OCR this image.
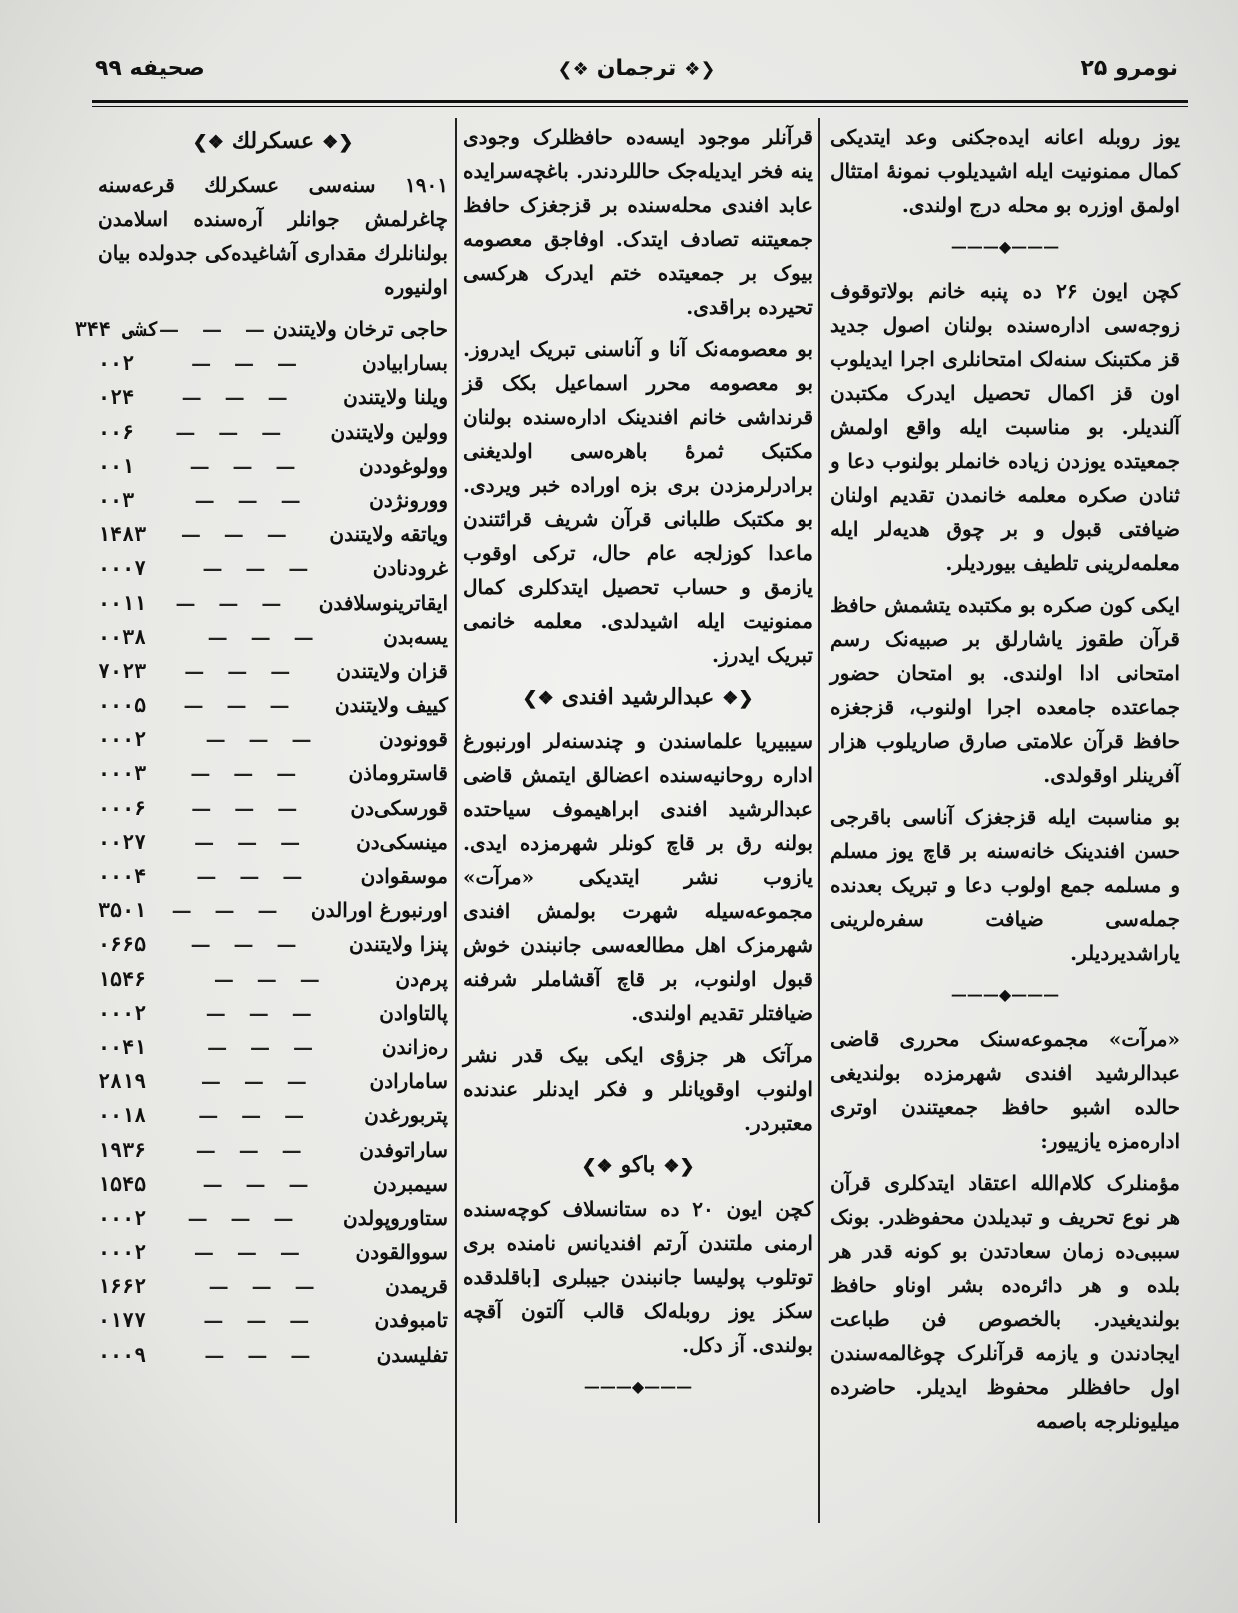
نومرو ۲۵
❮❖ترجمان❖❯
صحیفه ۹۹

یوز روبله اعانه ایده‌جکنی وعد ایتدیکی کمال ممنونیت ایله اشیدیلوب نمونهٔ امتثال اولمق اوزره بو محله درج اولندی.

———◆———

کچن ایون ۲۶ ده پنبه خانم بولاتوقوف زوجه‌سی اداره‌سنده بولنان اصول جدید قز مکتبنک سنه‌لک امتحانلری اجرا ایدیلوب اون قز اکمال تحصیل ایدرک مکتبدن آلندیلر. بو مناسبت ایله واقع اولمش جمعیتده یوزدن زیاده خانملر بولنوب دعا و ثنادن صکره معلمه خانمدن تقدیم اولنان ضیافتی قبول و بر چوق هدیه‌لر ایله معلمه‌لرینی تلطیف بیوردیلر.

ایکی کون صکره بو مکتبده یتشمش حافظ قرآن طقوز یاشارلق بر صبیه‌نک رسم امتحانی ادا اولندی. بو امتحان حضور جماعتده جامعده اجرا اولنوب، قزجغزه حافظ قرآن علامتی صارق صاریلوب هزار آفرینلر اوقولدی.

بو مناسبت ایله قزجغزک آناسی باقرجی حسن افندینک خانه‌سنه بر قاچ یوز مسلم و مسلمه جمع اولوب دعا و تبریک بعدنده جمله‌سی ضیافت سفره‌لرینی یاراشدیردیلر.

———◆———

«مرآت» مجموعه‌سنک محرری قاضی عبدالرشید افندی شهرمزده بولندیغی حالده اشبو حافظ جمعیتندن اوتری اداره‌مزه یازییور:

مؤمنلرک کلام‌الله اعتقاد ایتدکلری قرآن هر نوع تحریف و تبدیلدن محفوظدر. بونک سببی‌ده زمان سعادتدن بو کونه قدر هر بلده و هر دائره‌ده بشر اوناو حافظ بولندیغیدر. بالخصوص فن طباعت ایجادندن و یازمه قرآنلرک چوغالمه‌سندن اول حافظلر محفوظ ایدیلر. حاضرده میلیونلرجه باصمه

قرآنلر موجود ایسه‌ده حافظلرک وجودی ینه فخر ایدیله‌جک حاللردندر. باغچه‌سرایده عابد افندی محله‌سنده بر قزجغزک حافظ جمعیتنه تصادف ایتدک. اوفاجق معصومه بیوک بر جمعیتده ختم ایدرک هرکسی تحیرده براقدی.

بو معصومه‌نک آنا و آناسنی تبریک ایدروز. بو معصومه محرر اسماعیل بکک قز قرنداشی خانم افندینک اداره‌سنده بولنان مکتبک ثمرهٔ باهره‌سی اولدیغنی برادرلرمزدن بری بزه اوراده خبر ویردی. بو مکتبک طلبانی قرآن شریف قرائتندن ماعدا کوزلجه عام حال، ترکی اوقوب یازمق و حساب تحصیل ایتدکلری کمال ممنونیت ایله اشیدلدی. معلمه خانمی تبریک ایدرز.

❮❖عبدالرشید افندی❖❯

سیبیریا علماسندن و چندسنه‌لر اورنبورغ اداره روحانیه‌سنده اعضالق ایتمش قاضی عبدالرشید افندی ابراهیموف سیاحتده بولنه رق بر قاچ کونلر شهرمزده ایدی. یازوب نشر ایتدیکی «مرآت» مجموعه‌سیله شهرت بولمش افندی شهرمزک اهل مطالعه‌سی جانبندن خوش قبول اولنوب، بر قاچ آقشاملر شرفنه ضیافتلر تقدیم اولندی.

مرآتک هر جزؤی ایکی بیک قدر نشر اولنوب اوقویانلر و فکر ایدنلر عندنده معتبردر.

❮❖باکو❖❯

کچن ایون ۲۰ ده ستانسلاف کوچه‌سنده ارمنی ملتندن آرتم افندیانس نامنده بری توتلوب پولیسا جانبندن جیبلری [باقلدقده سکز یوز روبله‌لک قالب آلتون آقچه بولندی. آز دکل.

———◆———
❮❖عسکرلك❖❯

۱۹۰۱ سنه‌سی عسکرلك قرعه‌سنه چاغرلمش جوانلر آره‌سنده اسلامدن بولنانلرك مقداری آشاغیده‌کی جدولده بیان اولنیوره

حاجی ترخان ولایتندن
— — —
۳۴۴ کشی
بسارابیادن
— — —
۰۰۲
ویلنا ولایتندن
— — —
۰۲۴
وولین ولایتندن
— — —
۰۰۶
وولوغوددن
— — —
۰۰۱
وورونژدن
— — —
۰۰۳
ویاتقه ولایتندن
— — —
۱۴۸۳
غرودنادن
— — —
۰۰۰۷
ایقاترینوسلافدن
— — —
۰۰۱۱
یسه‌بدن
— — —
۰۰۳۸
قزان ولایتندن
— — —
۷۰۲۳
کییف ولایتندن
— — —
۰۰۰۵
قوونودن
— — —
۰۰۰۲
قاستروماذن
— — —
۰۰۰۳
قورسکی‌دن
— — —
۰۰۰۶
مینسکی‌دن
— — —
۰۰۲۷
موسقوادن
— — —
۰۰۰۴
اورنبورغ اورالدن
— — —
۳۵۰۱
پنزا ولایتندن
— — —
۰۶۶۵
پرم‌دن
— — —
۱۵۴۶
پالتاوادن
— — —
۰۰۰۲
ره‌زاندن
— — —
۰۰۴۱
سامارادن
— — —
۲۸۱۹
پتربورغدن
— — —
۰۰۱۸
ساراتوفدن
— — —
۱۹۳۶
سیمبردن
— — —
۱۵۴۵
ستاوروپولدن
— — —
۰۰۰۲
سووالقودن
— — —
۰۰۰۲
قریمدن
— — —
۱۶۶۲
تامبوفدن
— — —
۰۱۷۷
تفلیسدن
— — —
۰۰۰۹
